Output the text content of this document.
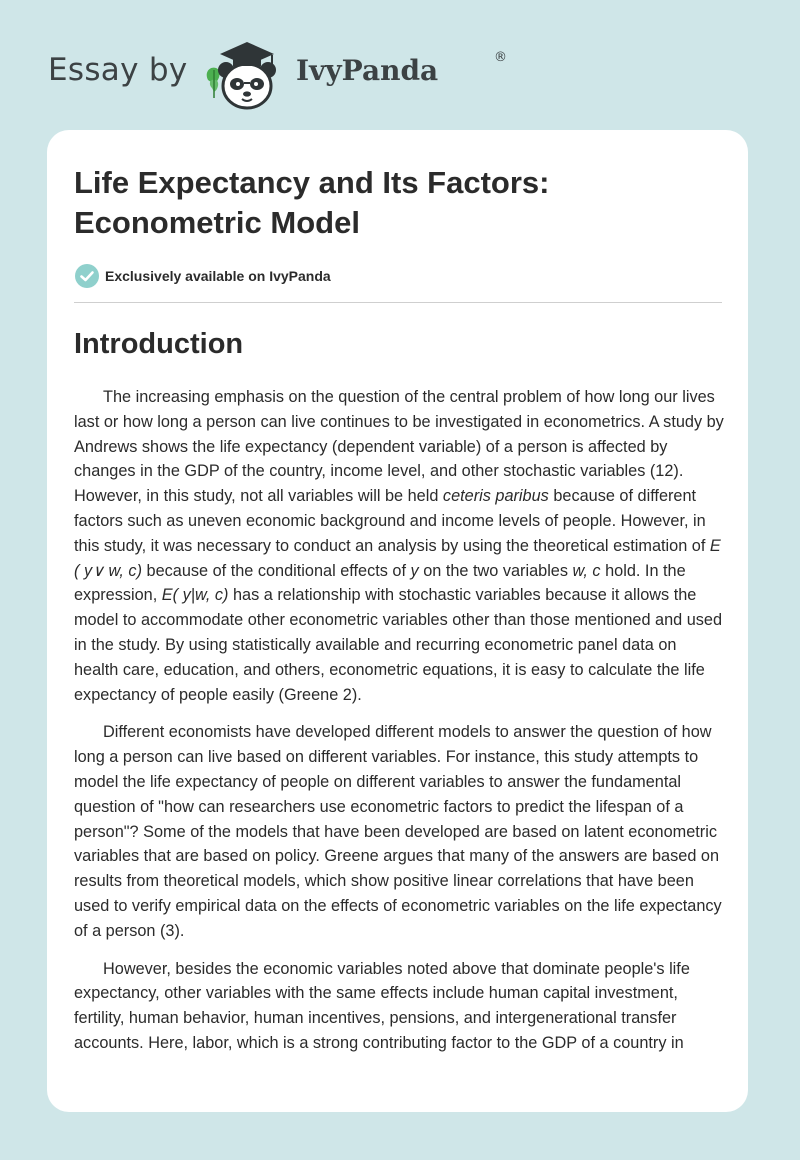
Essay by	IvyPanda	®
Life Expectancy and Its Factors:
Econometric Model
Exclusively available on IvyPanda
Introduction

The increasing emphasis on the question of the central problem of how long our lives last or how long a person can live continues to be investigated in econometrics. A study by Andrews shows the life expectancy (dependent variable) of a person is affected by changes in the GDP of the country, income level, and other stochastic variables (12). However, in this study, not all variables will be held ceteris paribus because of different factors such as uneven economic background and income levels of people. However, in this study, it was necessary to conduct an analysis by using the theoretical estimation of E ( y∨ w, c) because of the conditional effects of y on the two variables w, c hold. In the expression, E( y|w, c) has a relationship with stochastic variables because it allows the model to accommodate other econometric variables other than those mentioned and used in the study. By using statistically available and recurring econometric panel data on health care, education, and others, econometric equations, it is easy to calculate the life expectancy of people easily (Greene 2).

Different economists have developed different models to answer the question of how long a person can live based on different variables. For instance, this study attempts to model the life expectancy of people on different variables to answer the fundamental question of "how can researchers use econometric factors to predict the lifespan of a person"? Some of the models that have been developed are based on latent econometric variables that are based on policy. Greene argues that many of the answers are based on results from theoretical models, which show positive linear correlations that have been used to verify empirical data on the effects of econometric variables on the life expectancy of a person (3).

However, besides the economic variables noted above that dominate people's life expectancy, other variables with the same effects include human capital investment, fertility, human behavior, human incentives, pensions, and intergenerational transfer accounts. Here, labor, which is a strong contributing factor to the GDP of a country in
